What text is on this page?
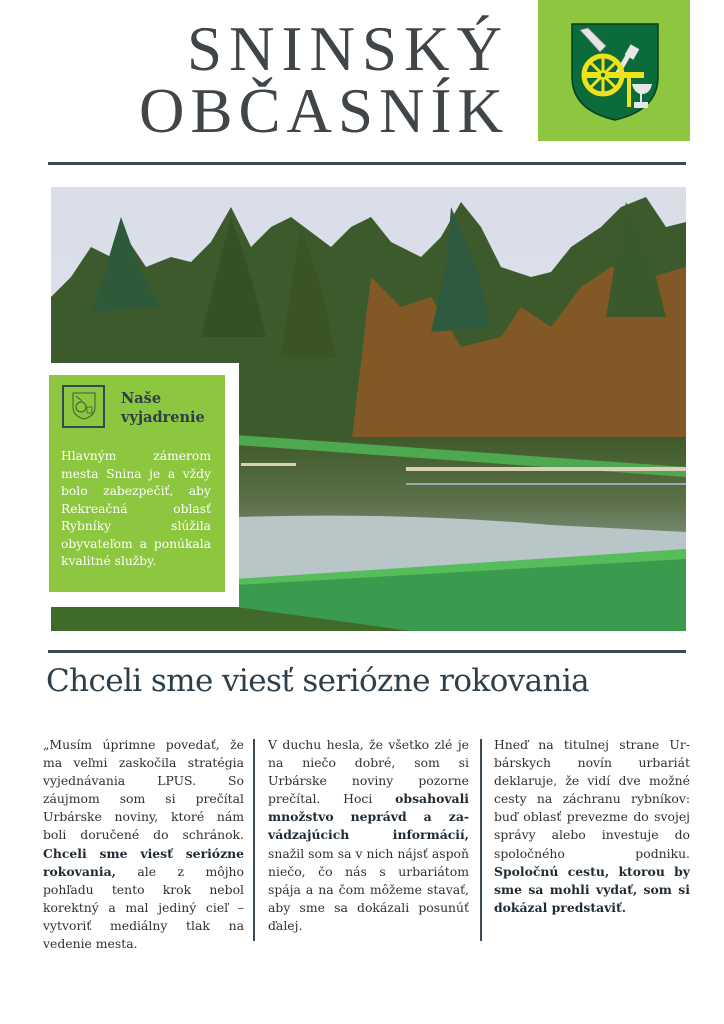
SNINSKÝ
OBČASNÍK
Naše
vyjadrenie
Hlavným zámerom mesta Snina je a vždy bolo zabezpečiť, aby Rekreačná oblasť Rybníky slúžila obyvateľom a ponúkala kvalitné služby.
Chceli sme viesť seriózne rokovania
„Musím úprimne povedať, že ma veľmi zaskočila stratégia vyjednávania LPUS. So záujmom som si prečítal Urbárske noviny, ktoré nám boli doručené do schránok. Chceli sme viesť seriózne rokovania, ale z môjho pohľadu tento krok nebol korektný a mal jediný cieľ – vytvoriť mediálny tlak na vedenie mesta.
V duchu hesla, že všetko zlé je na niečo dobré, som si Urbárske noviny pozorne prečítal. Hoci obsahovali množstvo neprávd a zavádzajúcich informácií, snažil som sa v nich nájsť aspoň niečo, čo nás s urbariátom spája a na čom môžeme stavať, aby sme sa dokázali posunúť ďalej.
Hneď na titulnej strane Urbárskych novín urbariát deklaruje, že vidí dve možné cesty na záchranu rybníkov: buď oblasť prevezme do svojej správy alebo investuje do spoločného podniku. Spoločnú cestu, ktorou by sme sa mohli vydať, som si dokázal predstaviť.
